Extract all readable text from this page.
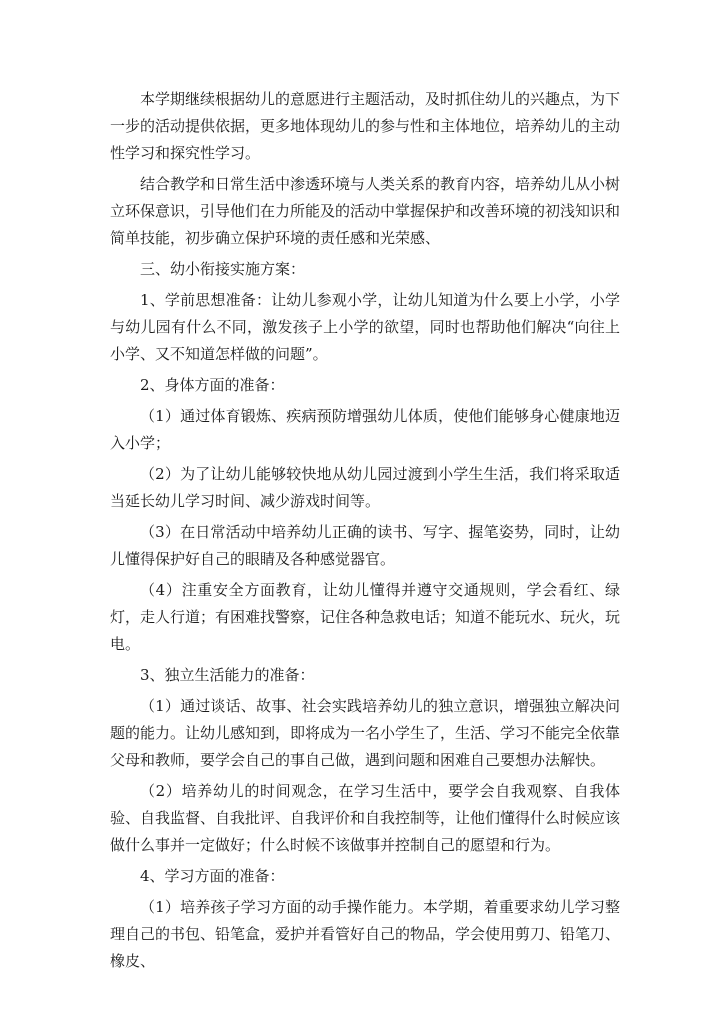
本学期继续根据幼儿的意愿进行主题活动，及时抓住幼儿的兴趣点，为下一步的活动提供依据，更多地体现幼儿的参与性和主体地位，培养幼儿的主动性学习和探究性学习。

结合教学和日常生活中渗透环境与人类关系的教育内容，培养幼儿从小树立环保意识，引导他们在力所能及的活动中掌握保护和改善环境的初浅知识和简单技能，初步确立保护环境的责任感和光荣感、

三、幼小衔接实施方案：

1、学前思想准备：让幼儿参观小学，让幼儿知道为什么要上小学，小学与幼儿园有什么不同，激发孩子上小学的欲望，同时也帮助他们解决“向往上小学、又不知道怎样做的问题”。

2、身体方面的准备：

（1）通过体育锻炼、疾病预防增强幼儿体质，使他们能够身心健康地迈入小学；

（2）为了让幼儿能够较快地从幼儿园过渡到小学生生活，我们将采取适当延长幼儿学习时间、减少游戏时间等。

（3）在日常活动中培养幼儿正确的读书、写字、握笔姿势，同时，让幼儿懂得保护好自己的眼睛及各种感觉器官。

（4）注重安全方面教育，让幼儿懂得并遵守交通规则，学会看红、绿灯，走人行道；有困难找警察，记住各种急救电话；知道不能玩水、玩火，玩电。

3、独立生活能力的准备：

（1）通过谈话、故事、社会实践培养幼儿的独立意识，增强独立解决问题的能力。让幼儿感知到，即将成为一名小学生了，生活、学习不能完全依靠父母和教师，要学会自己的事自己做，遇到问题和困难自己要想办法解快。

（2）培养幼儿的时间观念，在学习生活中，要学会自我观察、自我体验、自我监督、自我批评、自我评价和自我控制等，让他们懂得什么时候应该做什么事并一定做好；什么时候不该做事并控制自己的愿望和行为。

4、学习方面的准备：

（1）培养孩子学习方面的动手操作能力。本学期，着重要求幼儿学习整理自己的书包、铅笔盒，爱护并看管好自己的物品，学会使用剪刀、铅笔刀、橡皮、
